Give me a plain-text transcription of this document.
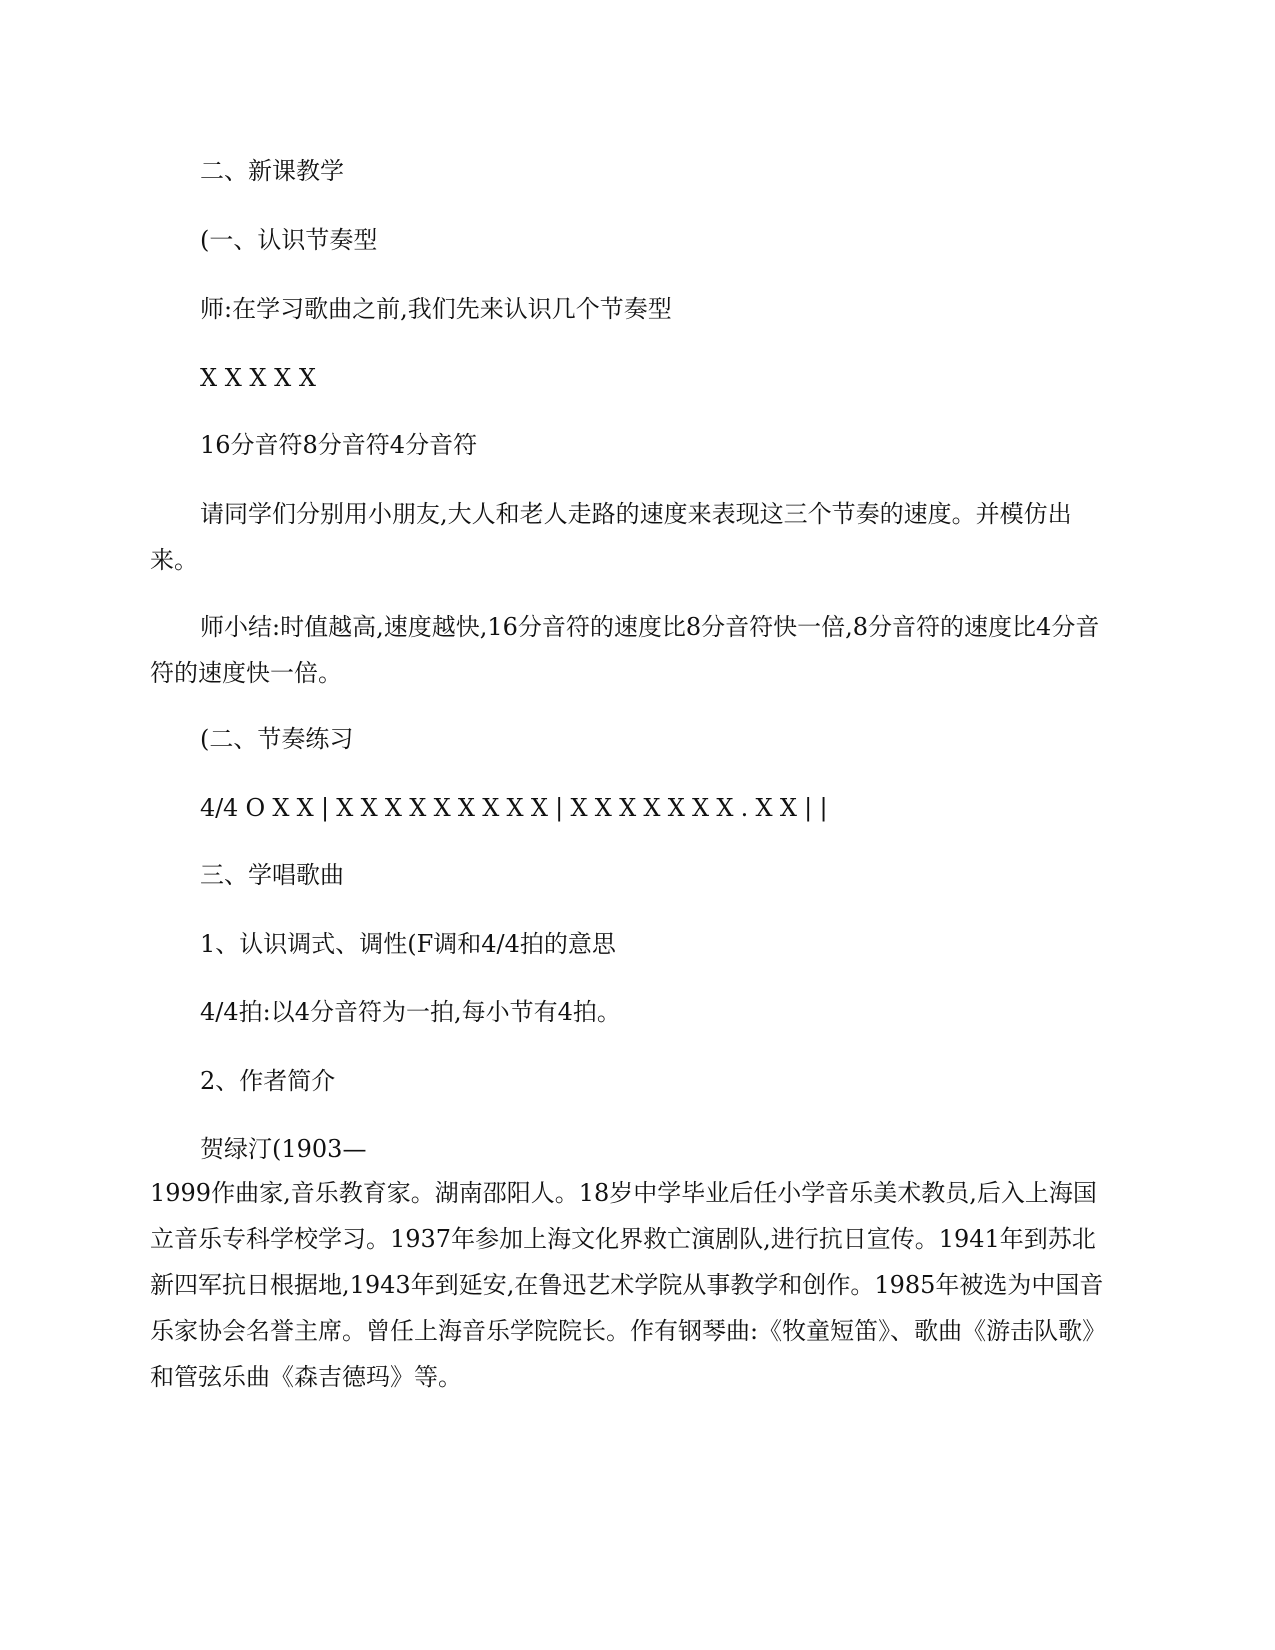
二、新课教学

(一、认识节奏型

师:在学习歌曲之前,我们先来认识几个节奏型

X X X X X

16分音符8分音符4分音符

请同学们分别用小朋友,大人和老人走路的速度来表现这三个节奏的速度。并模仿出来。

师小结:时值越高,速度越快,16分音符的速度比8分音符快一倍,8分音符的速度比4分音符的速度快一倍。

(二、节奏练习

4/4 O X X | X X X X X X X X X | X X X X X X X . X X | |

三、学唱歌曲

1、认识调式、调性(F调和4/4拍的意思

4/4拍:以4分音符为一拍,每小节有4拍。

2、作者简介

贺绿汀(1903—

1999作曲家,音乐教育家。湖南邵阳人。18岁中学毕业后任小学音乐美术教员,后入上海国立音乐专科学校学习。1937年参加上海文化界救亡演剧队,进行抗日宣传。1941年到苏北新四军抗日根据地,1943年到延安,在鲁迅艺术学院从事教学和创作。1985年被选为中国音乐家协会名誉主席。曾任上海音乐学院院长。作有钢琴曲:《牧童短笛》、歌曲《游击队歌》和管弦乐曲《森吉德玛》等。
